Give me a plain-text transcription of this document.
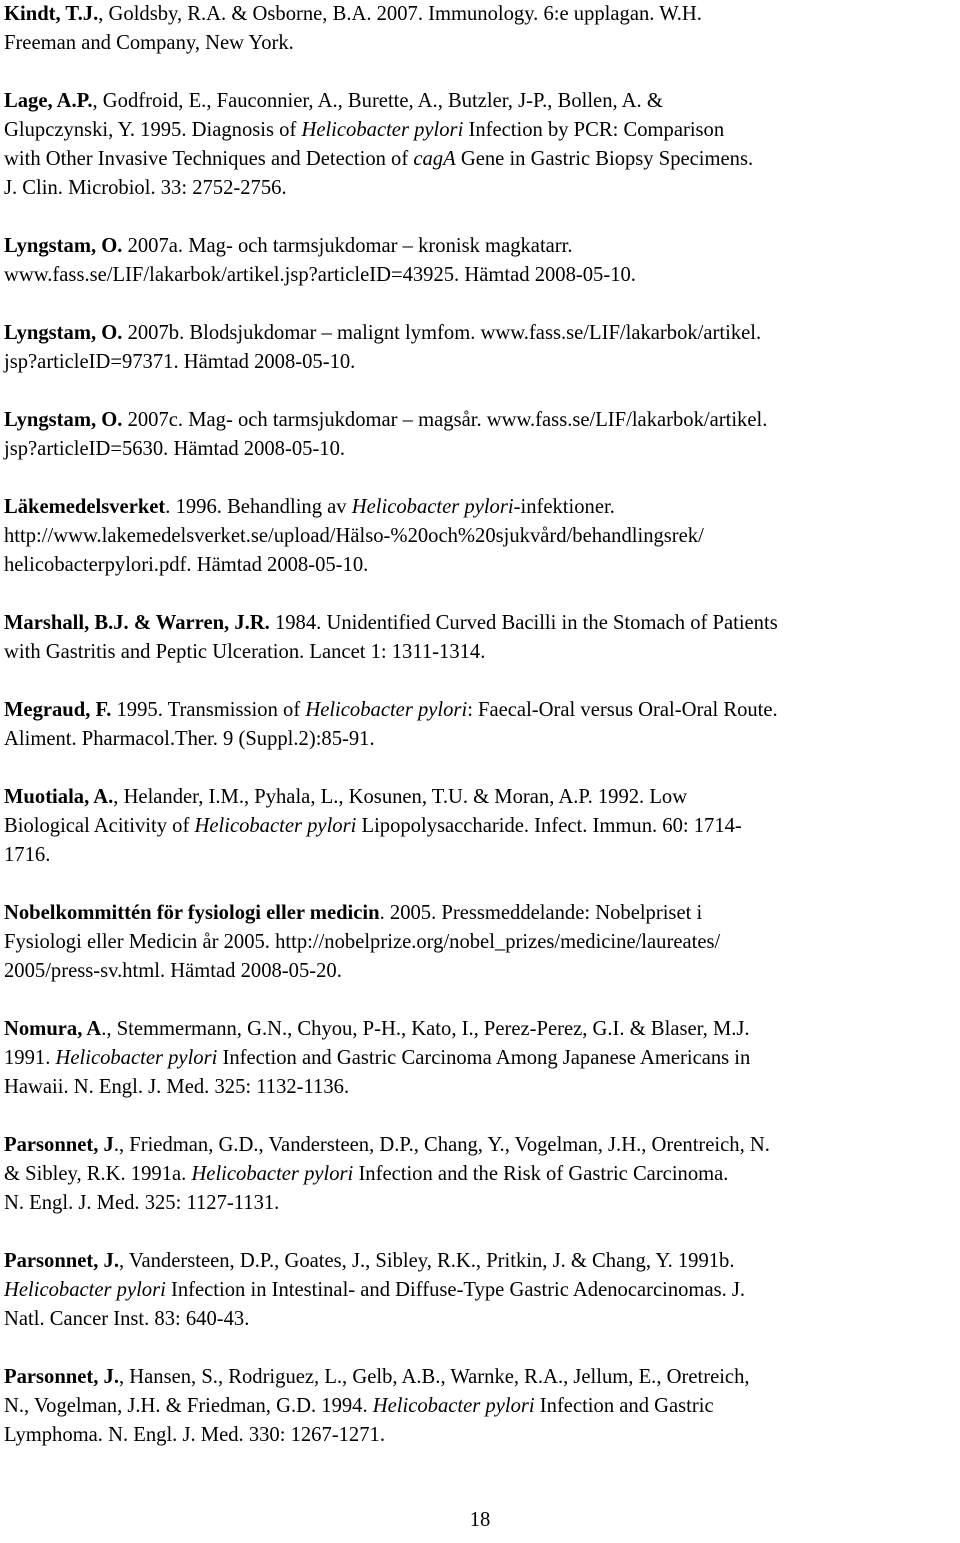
Kindt, T.J., Goldsby, R.A. & Osborne, B.A. 2007. Immunology. 6:e upplagan. W.H.
Freeman and Company, New York.

Lage, A.P., Godfroid, E., Fauconnier, A., Burette, A., Butzler, J-P., Bollen, A. &
Glupczynski, Y. 1995. Diagnosis of Helicobacter pylori Infection by PCR: Comparison
with Other Invasive Techniques and Detection of cagA Gene in Gastric Biopsy Specimens.
J. Clin. Microbiol. 33: 2752-2756.

Lyngstam, O. 2007a. Mag- och tarmsjukdomar – kronisk magkatarr.
www.fass.se/LIF/lakarbok/artikel.jsp?articleID=43925. Hämtad 2008-05-10.

Lyngstam, O. 2007b. Blodsjukdomar – malignt lymfom. www.fass.se/LIF/lakarbok/artikel.
jsp?articleID=97371. Hämtad 2008-05-10.

Lyngstam, O. 2007c. Mag- och tarmsjukdomar – magsår. www.fass.se/LIF/lakarbok/artikel.
jsp?articleID=5630. Hämtad 2008-05-10.

Läkemedelsverket. 1996. Behandling av Helicobacter pylori-infektioner.
http://www.lakemedelsverket.se/upload/Hälso-%20och%20sjukvård/behandlingsrek/
helicobacterpylori.pdf. Hämtad 2008-05-10.

Marshall, B.J. & Warren, J.R. 1984. Unidentified Curved Bacilli in the Stomach of Patients
with Gastritis and Peptic Ulceration. Lancet 1: 1311-1314.

Megraud, F. 1995. Transmission of Helicobacter pylori: Faecal-Oral versus Oral-Oral Route.
Aliment. Pharmacol.Ther. 9 (Suppl.2):85-91.

Muotiala, A., Helander, I.M., Pyhala, L., Kosunen, T.U. & Moran, A.P. 1992. Low
Biological Acitivity of Helicobacter pylori Lipopolysaccharide. Infect. Immun. 60: 1714-
1716.

Nobelkommittén för fysiologi eller medicin. 2005. Pressmeddelande: Nobelpriset i
Fysiologi eller Medicin år 2005. http://nobelprize.org/nobel_prizes/medicine/laureates/
2005/press-sv.html. Hämtad 2008-05-20.

Nomura, A., Stemmermann, G.N., Chyou, P-H., Kato, I., Perez-Perez, G.I. & Blaser, M.J.
1991. Helicobacter pylori Infection and Gastric Carcinoma Among Japanese Americans in
Hawaii. N. Engl. J. Med. 325: 1132-1136.

Parsonnet, J., Friedman, G.D., Vandersteen, D.P., Chang, Y., Vogelman, J.H., Orentreich, N.
& Sibley, R.K. 1991a. Helicobacter pylori Infection and the Risk of Gastric Carcinoma.
N. Engl. J. Med. 325: 1127-1131.

Parsonnet, J., Vandersteen, D.P., Goates, J., Sibley, R.K., Pritkin, J. & Chang, Y. 1991b.
Helicobacter pylori Infection in Intestinal- and Diffuse-Type Gastric Adenocarcinomas. J.
Natl. Cancer Inst. 83: 640-43.

Parsonnet, J., Hansen, S., Rodriguez, L., Gelb, A.B., Warnke, R.A., Jellum, E., Oretreich,
N., Vogelman, J.H. & Friedman, G.D. 1994. Helicobacter pylori Infection and Gastric
Lymphoma. N. Engl. J. Med. 330: 1267-1271.

18
